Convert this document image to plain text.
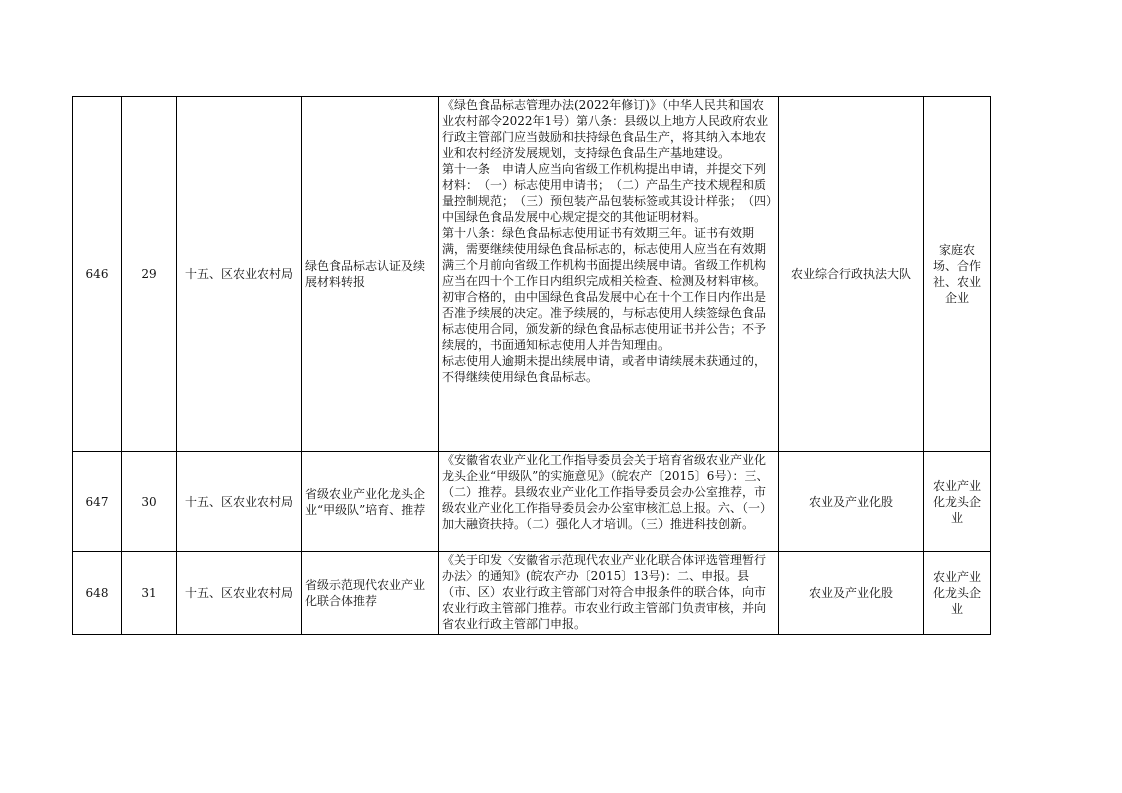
646	29	十五、区农业农村局	绿色食品标志认证及续展材料转报	《绿色食品标志管理办法(2022年修订)》（中华人民共和国农业农村部令2022年1号）第八条：县级以上地方人民政府农业行政主管部门应当鼓励和扶持绿色食品生产，将其纳入本地农业和农村经济发展规划，支持绿色食品生产基地建设。

第十一条　申请人应当向省级工作机构提出申请，并提交下列材料：　（一）标志使用申请书；　（二）产品生产技术规程和质量控制规范；　（三）预包装产品包装标签或其设计样张；　（四）中国绿色食品发展中心规定提交的其他证明材料。

第十八条：绿色食品标志使用证书有效期三年。证书有效期满，需要继续使用绿色食品标志的，标志使用人应当在有效期满三个月前向省级工作机构书面提出续展申请。省级工作机构应当在四十个工作日内组织完成相关检查、检测及材料审核。初审合格的，由中国绿色食品发展中心在十个工作日内作出是否准予续展的决定。准予续展的，与标志使用人续签绿色食品标志使用合同，颁发新的绿色食品标志使用证书并公告；不予续展的，书面通知标志使用人并告知理由。

标志使用人逾期未提出续展申请，或者申请续展未获通过的，不得继续使用绿色食品标志。	农业综合行政执法大队	家庭农场、合作社、农业企业
647	30	十五、区农业农村局	省级农业产业化龙头企业“甲级队”培育、推荐	《安徽省农业产业化工作指导委员会关于培育省级农业产业化龙头企业“甲级队”的实施意见》（皖农产〔2015〕6号）：三、（二）推荐。县级农业产业化工作指导委员会办公室推荐，市级农业产业化工作指导委员会办公室审核汇总上报。六、（一）加大融资扶持。（二）强化人才培训。（三）推进科技创新。	农业及产业化股	农业产业化龙头企业
648	31	十五、区农业农村局	省级示范现代农业产业化联合体推荐	《关于印发〈安徽省示范现代农业产业化联合体评选管理暂行办法〉的通知》(皖农产办〔2015〕13号)：二、申报。县（市、区）农业行政主管部门对符合申报条件的联合体，向市农业行政主管部门推荐。市农业行政主管部门负责审核，并向省农业行政主管部门申报。	农业及产业化股	农业产业化龙头企业
